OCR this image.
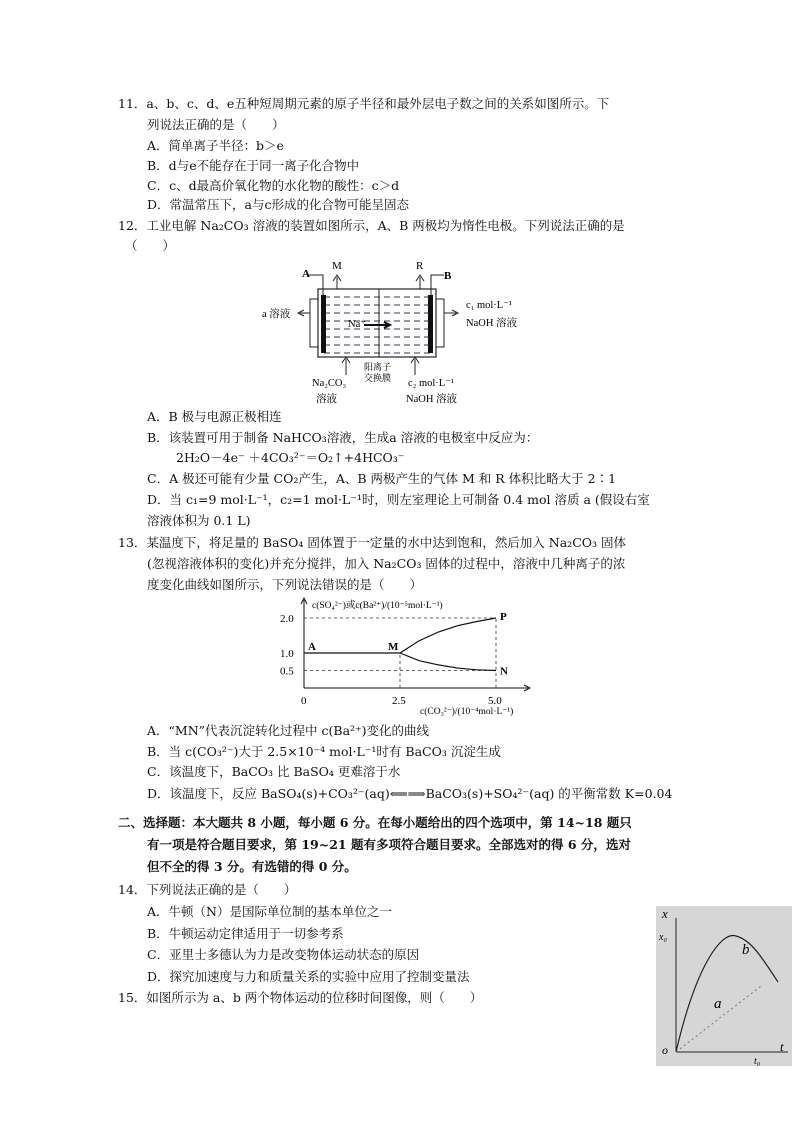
11．a、b、c、d、e五种短周期元素的原子半径和最外层电子数之间的关系如图所示。下
列说法正确的是（　　）
A．简单离子半径：b＞e
B．d与e不能存在于同一离子化合物中
C．c、d最高价氧化物的水化物的酸性：c＞d
D．常温常压下，a与c形成的化合物可能呈固态
12．工业电解 Na₂CO₃ 溶液的装置如图所示，A、B 两极均为惰性电极。下列说法正确的是
（　　）
A
M	R
B
a 溶液
c₁ mol·L⁻¹
NaOH 溶液
Na⁺
Na₂CO₃
溶液
阳离子
交换膜 c₂ mol·L⁻¹
NaOH 溶液
A．B 极与电源正极相连
B．该装置可用于制备 NaHCO₃溶液，生成a 溶液的电极室中反应为：
2H₂O－4e⁻ ＋4CO₃²⁻＝O₂↑+4HCO₃⁻
C．A 极还可能有少量 CO₂产生，A、B 两极产生的气体 M 和 R 体积比略大于 2∶1
D．当 c₁=9 mol·L⁻¹，c₂=1 mol·L⁻¹时，则左室理论上可制备 0.4 mol 溶质 a (假设右室
溶液体积为 0.1 L)
13．某温度下，将足量的 BaSO₄ 固体置于一定量的水中达到饱和，然后加入 Na₂CO₃ 固体
(忽视溶液体积的变化)并充分搅拌，加入 Na₂CO₃ 固体的过程中，溶液中几种离子的浓
度变化曲线如图所示，下列说法错误的是（　　）
c(SO₄²⁻)或c(Ba²⁺)/(10⁻⁵mol·L⁻¹)
c(CO₃²⁻)/(10⁻⁴mol·L⁻¹)
0.5
1.0
2.0
0	2.5	5.0
A	M
P
N
A．“MN”代表沉淀转化过程中 c(Ba²⁺)变化的曲线
B．当 c(CO₃²⁻)大于 2.5×10⁻⁴ mol·L⁻¹时有 BaCO₃ 沉淀生成
C．该温度下，BaCO₃ 比 BaSO₄ 更难溶于水
D．该温度下，反应 BaSO₄(s)+CO₃²⁻(aq)⟸⟹BaCO₃(s)+SO₄²⁻(aq) 的平衡常数 K=0.04
二、选择题：本大题共 8 小题，每小题 6 分。在每小题给出的四个选项中，第 14~18 题只
有一项是符合题目要求，第 19~21 题有多项符合题目要求。全部选对的得 6 分，选对
但不全的得 3 分。有选错的得 0 分。
14．下列说法正确的是（　　）
A．牛顿（N）是国际单位制的基本单位之一
B．牛顿运动定律适用于一切参考系
C．亚里士多德认为力是改变物体运动状态的原因
D．探究加速度与力和质量关系的实验中应用了控制变量法
15．如图所示为 a、b 两个物体运动的位移时间图像，则（　　）
x
x₀
b
a
o	t
t₀
